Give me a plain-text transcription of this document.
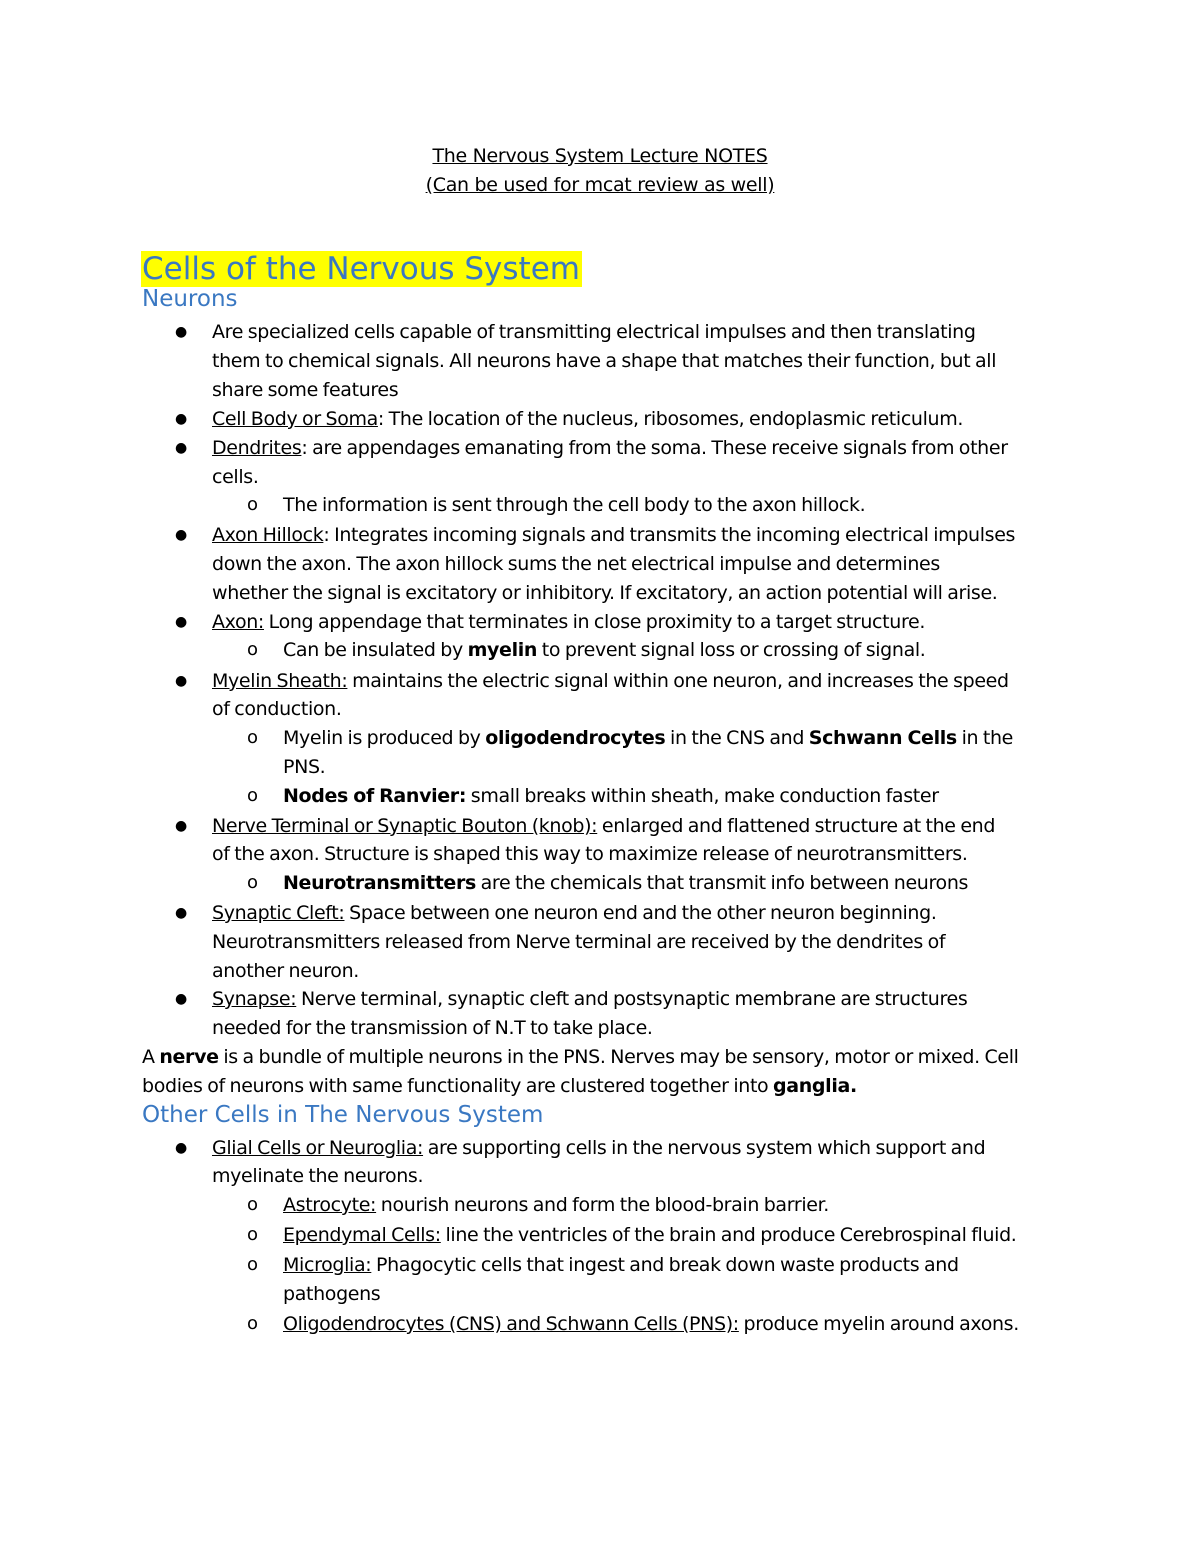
The Nervous System Lecture NOTES
(Can be used for mcat review as well)
Cells of the Nervous System
Neurons
● Are specialized cells capable of transmitting electrical impulses and then translating
them to chemical signals. All neurons have a shape that matches their function, but all
share some features
● Cell Body or Soma: The location of the nucleus, ribosomes, endoplasmic reticulum.
● Dendrites: are appendages emanating from the soma. These receive signals from other
cells.
o The information is sent through the cell body to the axon hillock.
● Axon Hillock: Integrates incoming signals and transmits the incoming electrical impulses
down the axon. The axon hillock sums the net electrical impulse and determines
whether the signal is excitatory or inhibitory. If excitatory, an action potential will arise.
● Axon: Long appendage that terminates in close proximity to a target structure.
o Can be insulated by myelin to prevent signal loss or crossing of signal.
● Myelin Sheath: maintains the electric signal within one neuron, and increases the speed
of conduction.
o Myelin is produced by oligodendrocytes in the CNS and Schwann Cells in the
PNS.
o Nodes of Ranvier: small breaks within sheath, make conduction faster
● Nerve Terminal or Synaptic Bouton (knob): enlarged and flattened structure at the end
of the axon. Structure is shaped this way to maximize release of neurotransmitters.
o Neurotransmitters are the chemicals that transmit info between neurons
● Synaptic Cleft: Space between one neuron end and the other neuron beginning.
Neurotransmitters released from Nerve terminal are received by the dendrites of
another neuron.
● Synapse: Nerve terminal, synaptic cleft and postsynaptic membrane are structures
needed for the transmission of N.T to take place.
A nerve is a bundle of multiple neurons in the PNS. Nerves may be sensory, motor or mixed. Cell
bodies of neurons with same functionality are clustered together into ganglia.
Other Cells in The Nervous System
● Glial Cells or Neuroglia: are supporting cells in the nervous system which support and
myelinate the neurons.
o Astrocyte: nourish neurons and form the blood-brain barrier.
o Ependymal Cells: line the ventricles of the brain and produce Cerebrospinal fluid.
o Microglia: Phagocytic cells that ingest and break down waste products and
pathogens
o Oligodendrocytes (CNS) and Schwann Cells (PNS): produce myelin around axons.
